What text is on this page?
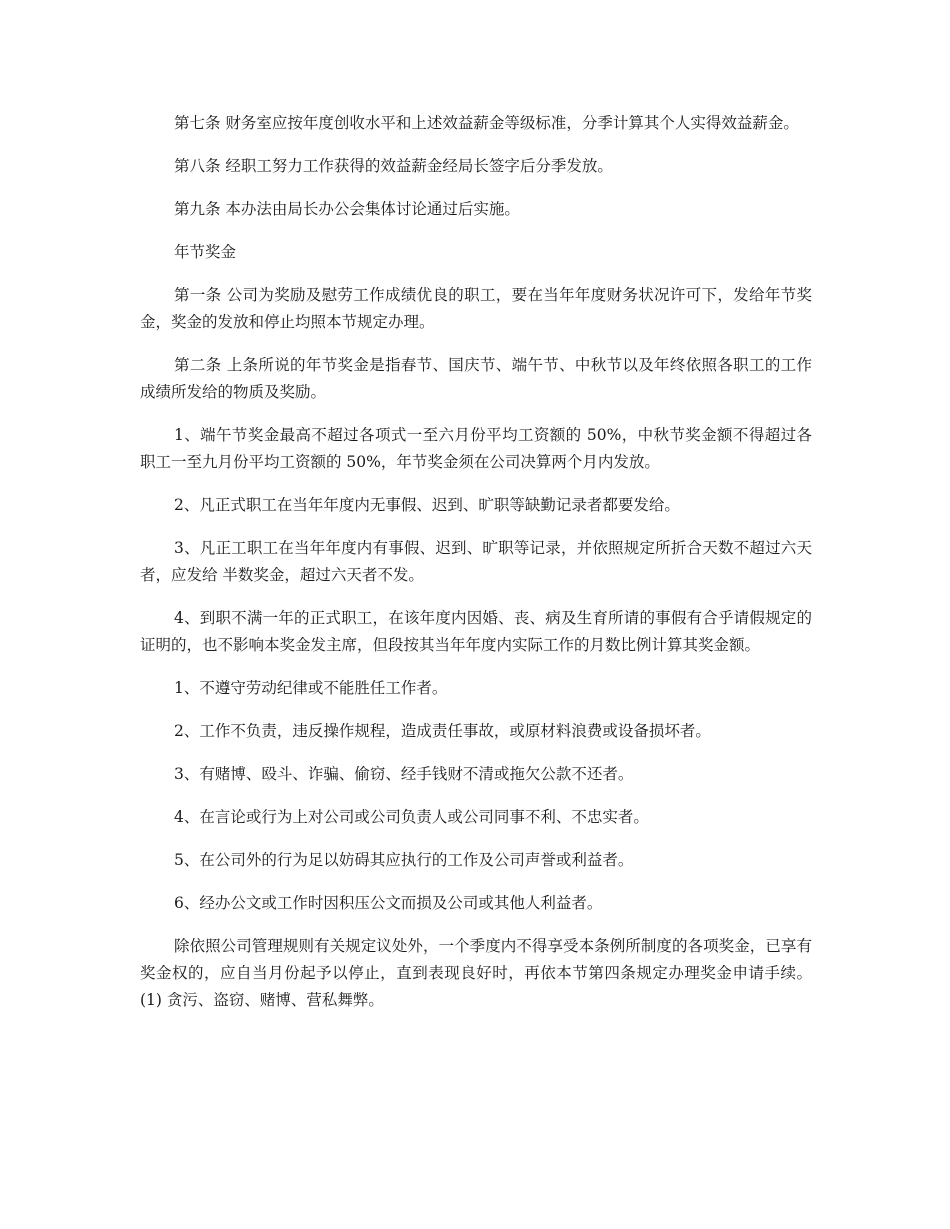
第七条 财务室应按年度创收水平和上述效益薪金等级标准，分季计算其个人实得效益薪金。

第八条 经职工努力工作获得的效益薪金经局长签字后分季发放。

第九条 本办法由局长办公会集体讨论通过后实施。

年节奖金

第一条 公司为奖励及慰劳工作成绩优良的职工，要在当年年度财务状况许可下，发给年节奖金，奖金的发放和停止均照本节规定办理。

第二条 上条所说的年节奖金是指春节、国庆节、端午节、中秋节以及年终依照各职工的工作成绩所发给的物质及奖励。

1、端午节奖金最高不超过各项式一至六月份平均工资额的 50%，中秋节奖金额不得超过各职工一至九月份平均工资额的 50%，年节奖金须在公司决算两个月内发放。

2、凡正式职工在当年年度内无事假、迟到、旷职等缺勤记录者都要发给。

3、凡正工职工在当年年度内有事假、迟到、旷职等记录，并依照规定所折合天数不超过六天者，应发给 半数奖金，超过六天者不发。

4、到职不满一年的正式职工，在该年度内因婚、丧、病及生育所请的事假有合乎请假规定的证明的，也不影响本奖金发主席，但段按其当年年度内实际工作的月数比例计算其奖金额。

1、不遵守劳动纪律或不能胜任工作者。

2、工作不负责，违反操作规程，造成责任事故，或原材料浪费或设备损坏者。

3、有赌博、殴斗、诈骗、偷窃、经手钱财不清或拖欠公款不还者。

4、在言论或行为上对公司或公司负责人或公司同事不利、不忠实者。

5、在公司外的行为足以妨碍其应执行的工作及公司声誉或利益者。

6、经办公文或工作时因积压公文而损及公司或其他人利益者。

除依照公司管理规则有关规定议处外，一个季度内不得享受本条例所制度的各项奖金，已享有奖金权的，应自当月份起予以停止，直到表现良好时，再依本节第四条规定办理奖金申请手续。(1) 贪污、盗窃、赌博、营私舞弊。
